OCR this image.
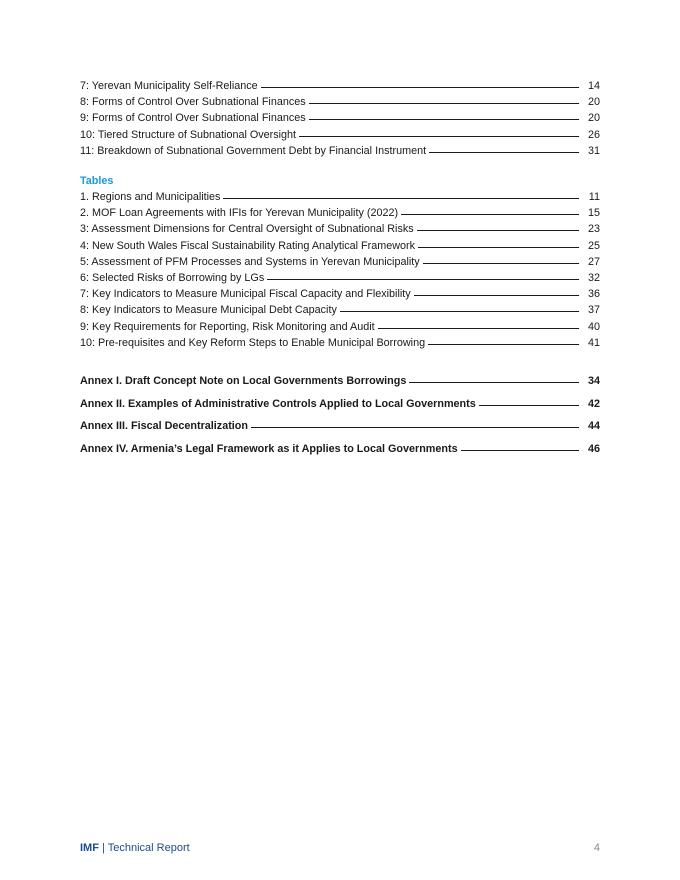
7: Yerevan Municipality Self-Reliance	14
8: Forms of Control Over Subnational Finances	20
9: Forms of Control Over Subnational Finances	20
10: Tiered Structure of Subnational Oversight	26
11: Breakdown of Subnational Government Debt by Financial Instrument	31
Tables
1. Regions and Municipalities	11
2. MOF Loan Agreements with IFIs for Yerevan Municipality (2022)	15
3: Assessment Dimensions for Central Oversight of Subnational Risks	23
4: New South Wales Fiscal Sustainability Rating Analytical Framework	25
5: Assessment of PFM Processes and Systems in Yerevan Municipality	27
6: Selected Risks of Borrowing by LGs	32
7: Key Indicators to Measure Municipal Fiscal Capacity and Flexibility	36
8: Key Indicators to Measure Municipal Debt Capacity	37
9: Key Requirements for Reporting, Risk Monitoring and Audit	40
10: Pre-requisites and Key Reform Steps to Enable Municipal Borrowing	41
Annex I. Draft Concept Note on Local Governments Borrowings	34
Annex II. Examples of Administrative Controls Applied to Local Governments	42
Annex III. Fiscal Decentralization	44
Annex IV. Armenia’s Legal Framework as it Applies to Local Governments	46
IMF | Technical Report	4
